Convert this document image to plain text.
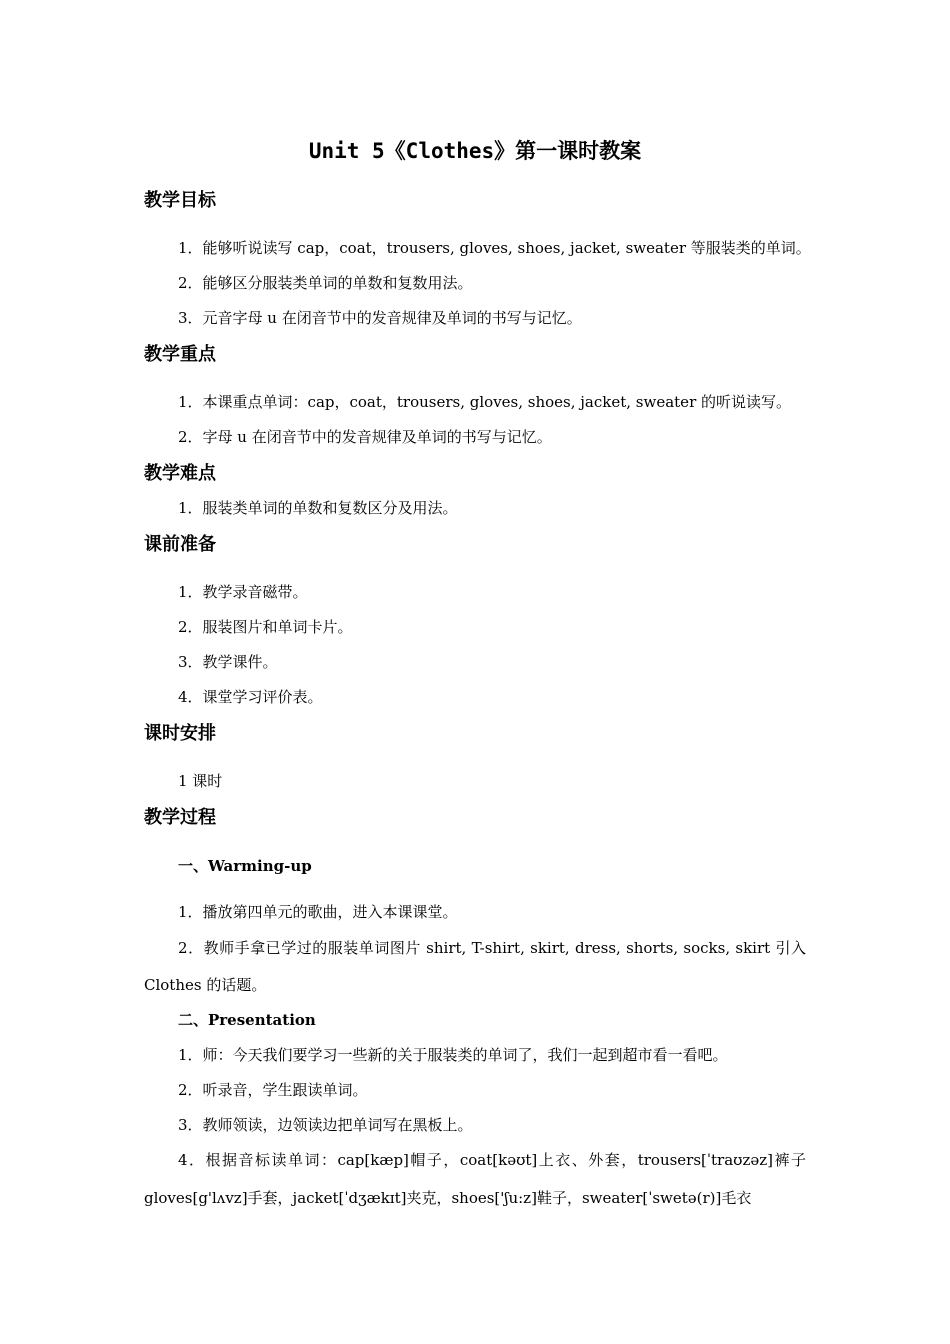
Unit 5《Clothes》第一课时教案
教学目标
1．能够听说读写 cap，coat，trousers, gloves, shoes, jacket, sweater 等服装类的单词。
2．能够区分服装类单词的单数和复数用法。
3．元音字母 u 在闭音节中的发音规律及单词的书写与记忆。
教学重点
1．本课重点单词：cap，coat，trousers, gloves, shoes, jacket, sweater 的听说读写。
2．字母 u 在闭音节中的发音规律及单词的书写与记忆。
教学难点
1．服装类单词的单数和复数区分及用法。
课前准备
1．教学录音磁带。
2．服装图片和单词卡片。
3．教学课件。
4．课堂学习评价表。
课时安排
1 课时
教学过程
一、Warming-up
1．播放第四单元的歌曲，进入本课课堂。
2．教师手拿已学过的服装单词图片 shirt, T-shirt, skirt, dress, shorts, socks, skirt 引入
Clothes 的话题。
二、Presentation
1．师：今天我们要学习一些新的关于服装类的单词了，我们一起到超市看一看吧。
2．听录音，学生跟读单词。
3．教师领读，边领读边把单词写在黑板上。
4．根据音标读单词：cap[kæp]帽子，coat[kəʊt]上衣、外套，trousers[ˈtraʊzəz]裤子
gloves[g'lʌvz]手套，jacket[ˈdʒækɪt]夹克，shoes['ʃu:z]鞋子，sweater[ˈswetə(r)]毛衣
